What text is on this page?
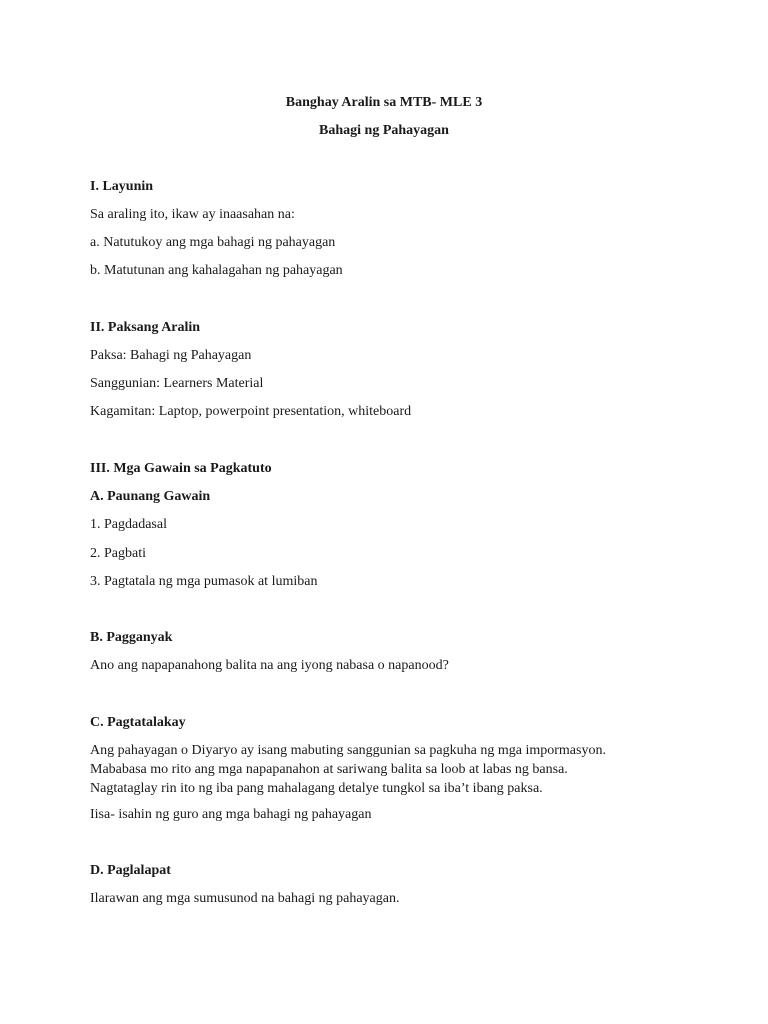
Banghay Aralin sa MTB- MLE 3
Bahagi ng Pahayagan
I. Layunin
Sa araling ito, ikaw ay inaasahan na:
a. Natutukoy ang mga bahagi ng pahayagan
b. Matutunan ang kahalagahan ng pahayagan
II. Paksang Aralin
Paksa: Bahagi ng Pahayagan
Sanggunian: Learners Material
Kagamitan: Laptop, powerpoint presentation, whiteboard
III. Mga Gawain sa Pagkatuto
A. Paunang Gawain
1. Pagdadasal
2. Pagbati
3. Pagtatala ng mga pumasok at lumiban
B. Pagganyak
Ano ang napapanahong balita na ang iyong nabasa o napanood?
C. Pagtatalakay
Ang pahayagan o Diyaryo ay isang mabuting sanggunian sa pagkuha ng mga impormasyon.
Mababasa mo rito ang mga napapanahon at sariwang balita sa loob at labas ng bansa.
Nagtataglay rin ito ng iba pang mahalagang detalye tungkol sa iba’t ibang paksa.
Iisa- isahin ng guro ang mga bahagi ng pahayagan
D. Paglalapat
Ilarawan ang mga sumusunod na bahagi ng pahayagan.
